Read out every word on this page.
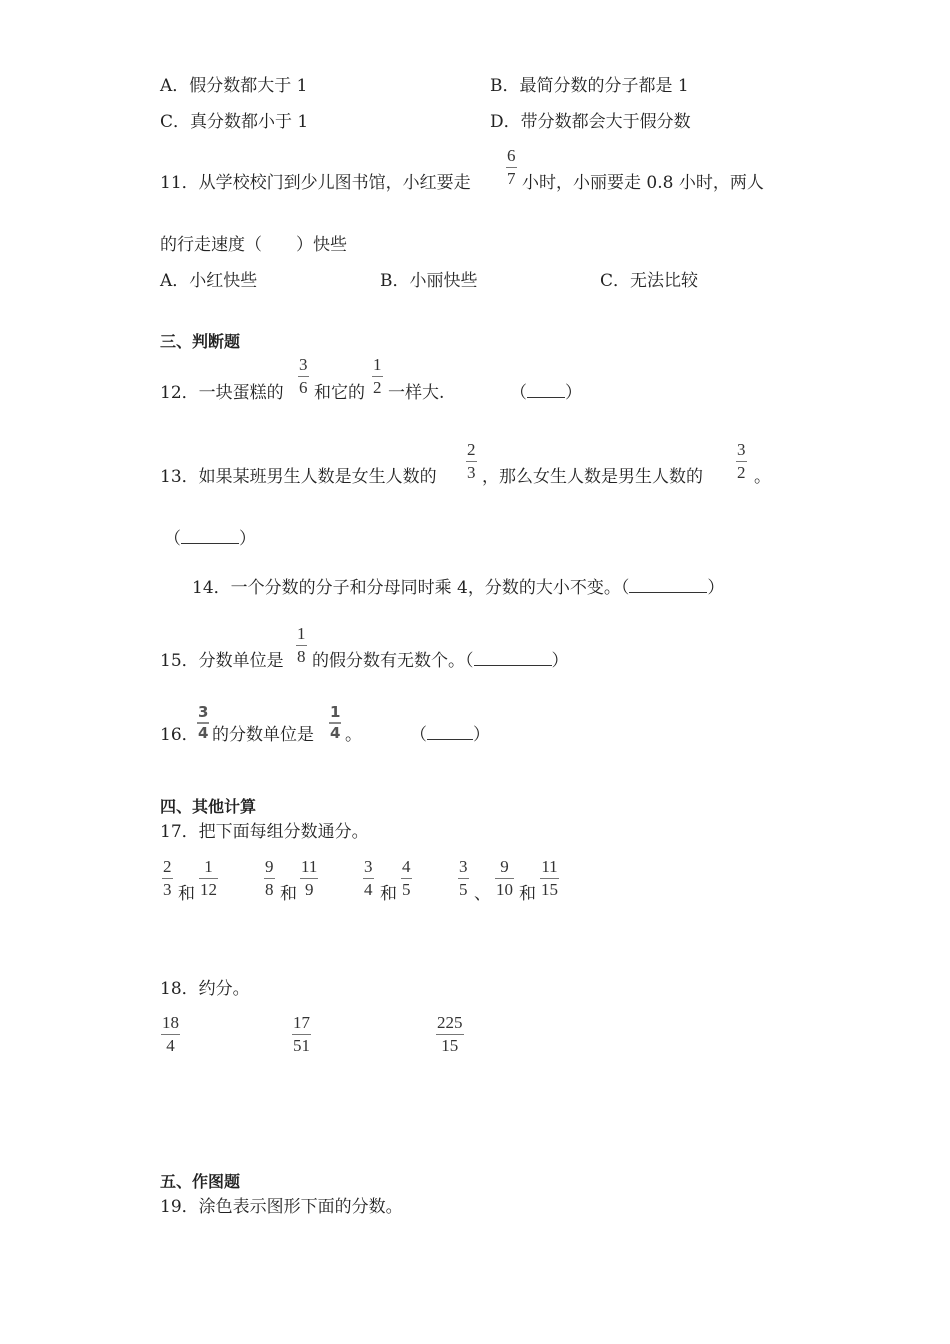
A．假分数都大于 1	B．最简分数的分子都是 1
C．真分数都小于 1	D．带分数都会大于假分数
11．从学校校门到少儿图书馆，小红要走
6
7 小时，小丽要走 0.8 小时，两人
的行走速度（　　）快些
A．小红快些	B．小丽快些	C．无法比较
三、判断题
12．一块蛋糕的
3
6 和它的
1
2 一样大.	（ ）
13．如果某班男生人数是女生人数的
2
3 ，那么女生人数是男生人数的
3
2 。
（	）
14．一个分数的分子和分母同时乘 4，分数的大小不变。（	）
15．分数单位是
1
8 的假分数有无数个。（	）
16．
3
4 的分数单位是
1
4 。	（	）
四、其他计算
17．把下面每组分数通分。
2
3 和
1
12
9
8 和
11
9
3
4 和
4
5
3
5 、
9
10 和
11
15
18．约分。
18
4
17
51
225
15
五、作图题
19．涂色表示图形下面的分数。
